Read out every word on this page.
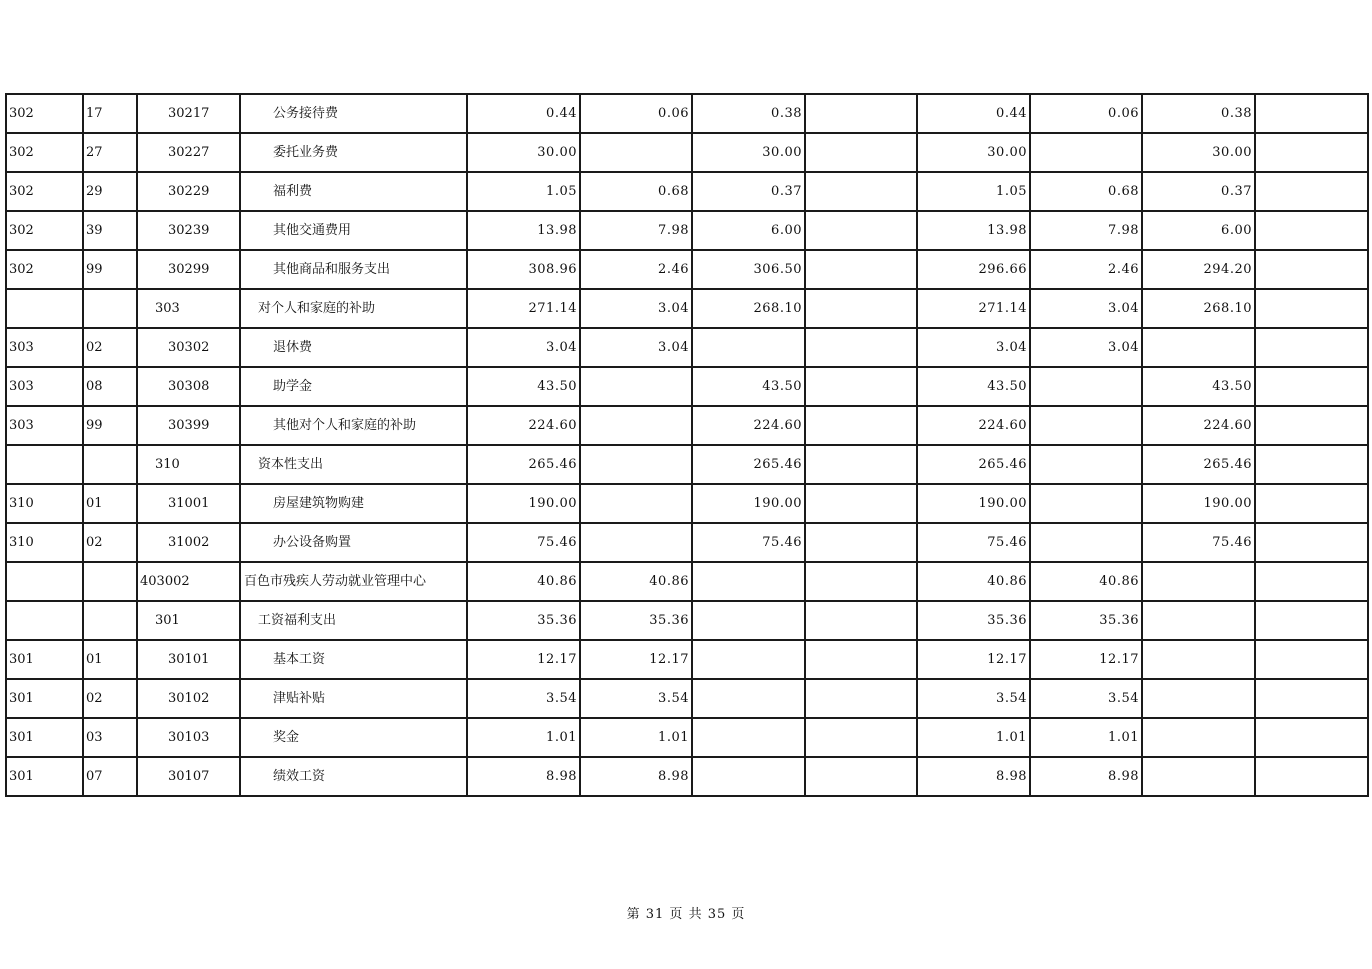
302	17	30217	公务接待费	0.44	0.06	0.38		0.44	0.06	0.38	
302	27	30227	委托业务费	30.00		30.00		30.00		30.00	
302	29	30229	福利费	1.05	0.68	0.37		1.05	0.68	0.37	
302	39	30239	其他交通费用	13.98	7.98	6.00		13.98	7.98	6.00	
302	99	30299	其他商品和服务支出	308.96	2.46	306.50		296.66	2.46	294.20	
		303	对个人和家庭的补助	271.14	3.04	268.10		271.14	3.04	268.10	
303	02	30302	退休费	3.04	3.04			3.04	3.04		
303	08	30308	助学金	43.50		43.50		43.50		43.50	
303	99	30399	其他对个人和家庭的补助	224.60		224.60		224.60		224.60	
		310	资本性支出	265.46		265.46		265.46		265.46	
310	01	31001	房屋建筑物购建	190.00		190.00		190.00		190.00	
310	02	31002	办公设备购置	75.46		75.46		75.46		75.46	
		403002	百色市残疾人劳动就业管理中心	40.86	40.86			40.86	40.86		
		301	工资福利支出	35.36	35.36			35.36	35.36		
301	01	30101	基本工资	12.17	12.17			12.17	12.17		
301	02	30102	津贴补贴	3.54	3.54			3.54	3.54		
301	03	30103	奖金	1.01	1.01			1.01	1.01		
301	07	30107	绩效工资	8.98	8.98			8.98	8.98		
第 31 页 共 35 页
